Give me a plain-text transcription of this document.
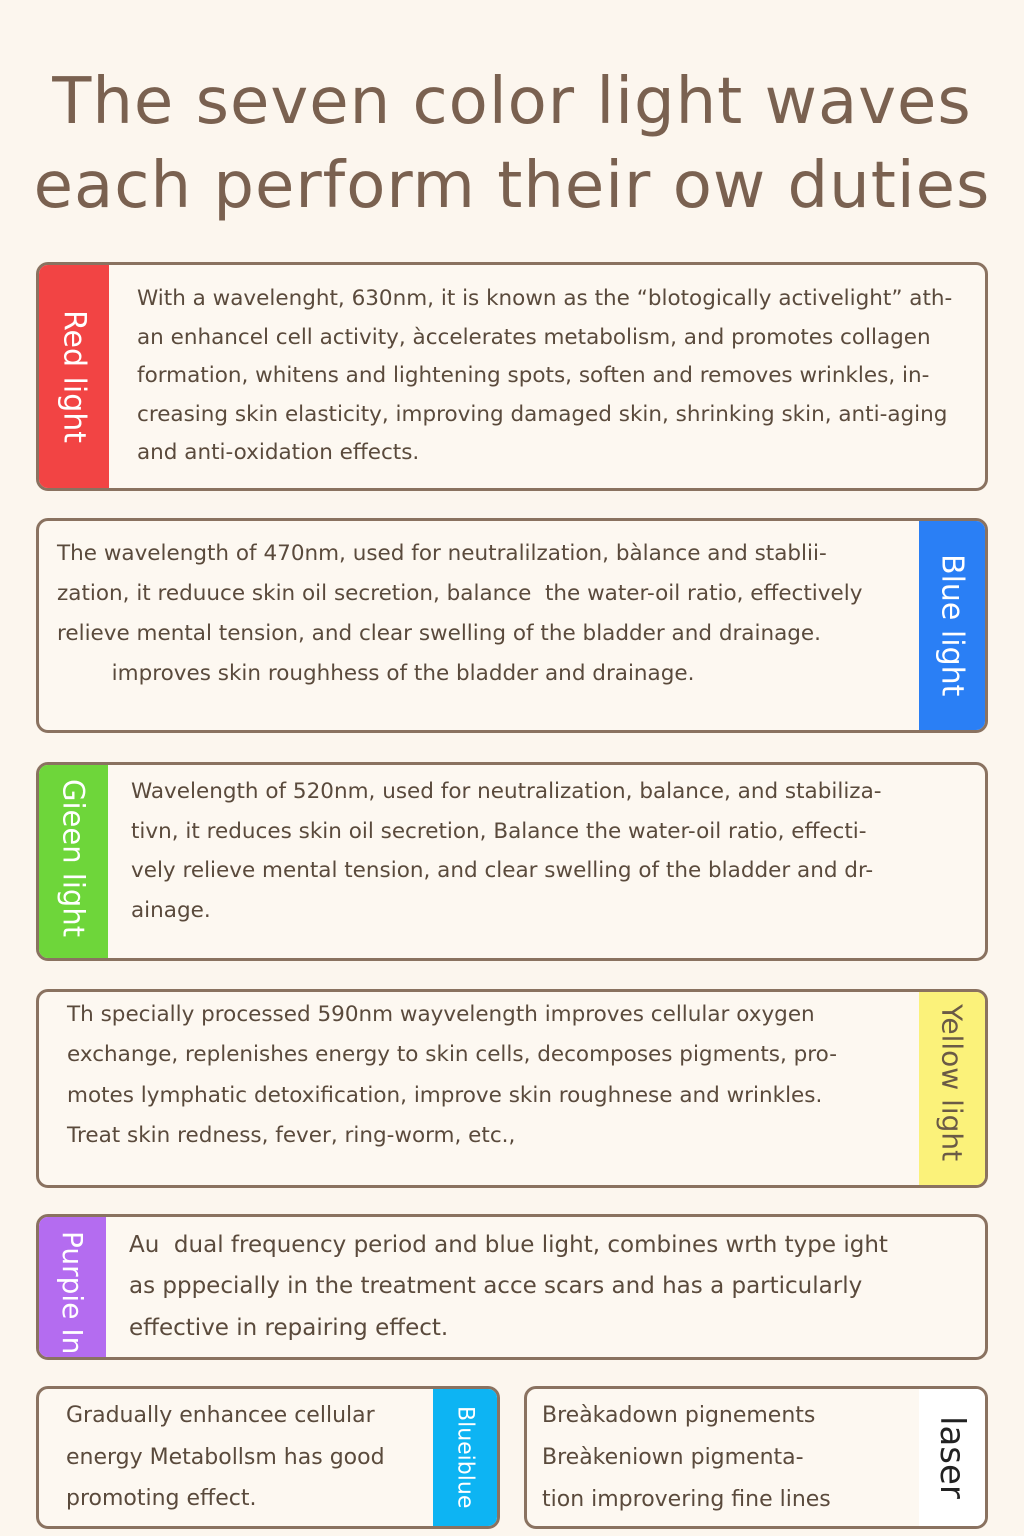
The seven color light waves
each perform their ow duties
Red light
With a wavelenght, 630nm, it is known as the “blotogically activelight” ath-
an enhancel cell activity, àccelerates metabolism, and promotes collagen
formation, whitens and lightening spots, soften and removes wrinkles, in-
creasing skin elasticity, improving damaged skin, shrinking skin, anti-aging
and anti-oxidation effects.
The wavelength of 470nm, used for neutralilzation, bàlance and stablii-
zation, it reduuce skin oil secretion, balance  the water-oil ratio, effectively
relieve mental tension, and clear swelling of the bladder and drainage.
improves skin roughhess of the bladder and drainage.	Blue light
Gieen light Wavelength of 520nm, used for neutralization, balance, and stabiliza-
tivn, it reduces skin oil secretion, Balance the water-oil ratio, effecti-
vely relieve mental tension, and clear swelling of the bladder and dr-
ainage.
Th specially processed 590nm wayvelength improves cellular oxygen
exchange, replenishes energy to skin cells, decomposes pigments, pro-
motes lymphatic detoxification, improve skin roughnese and wrinkles.
Treat skin redness, fever, ring-worm, etc.,	Yellow light
Purpie In Au  dual frequency period and blue light, combines wrth type ight
as pppecially in the treatment acce scars and has a particularly
effective in repairing effect.
Gradually enhancee cellular
energy Metabollsm has good
promoting effect.	Blueiblue	Breàkadown pignements
Breàkeniown pigmenta-
tion improvering fine lines
laser
